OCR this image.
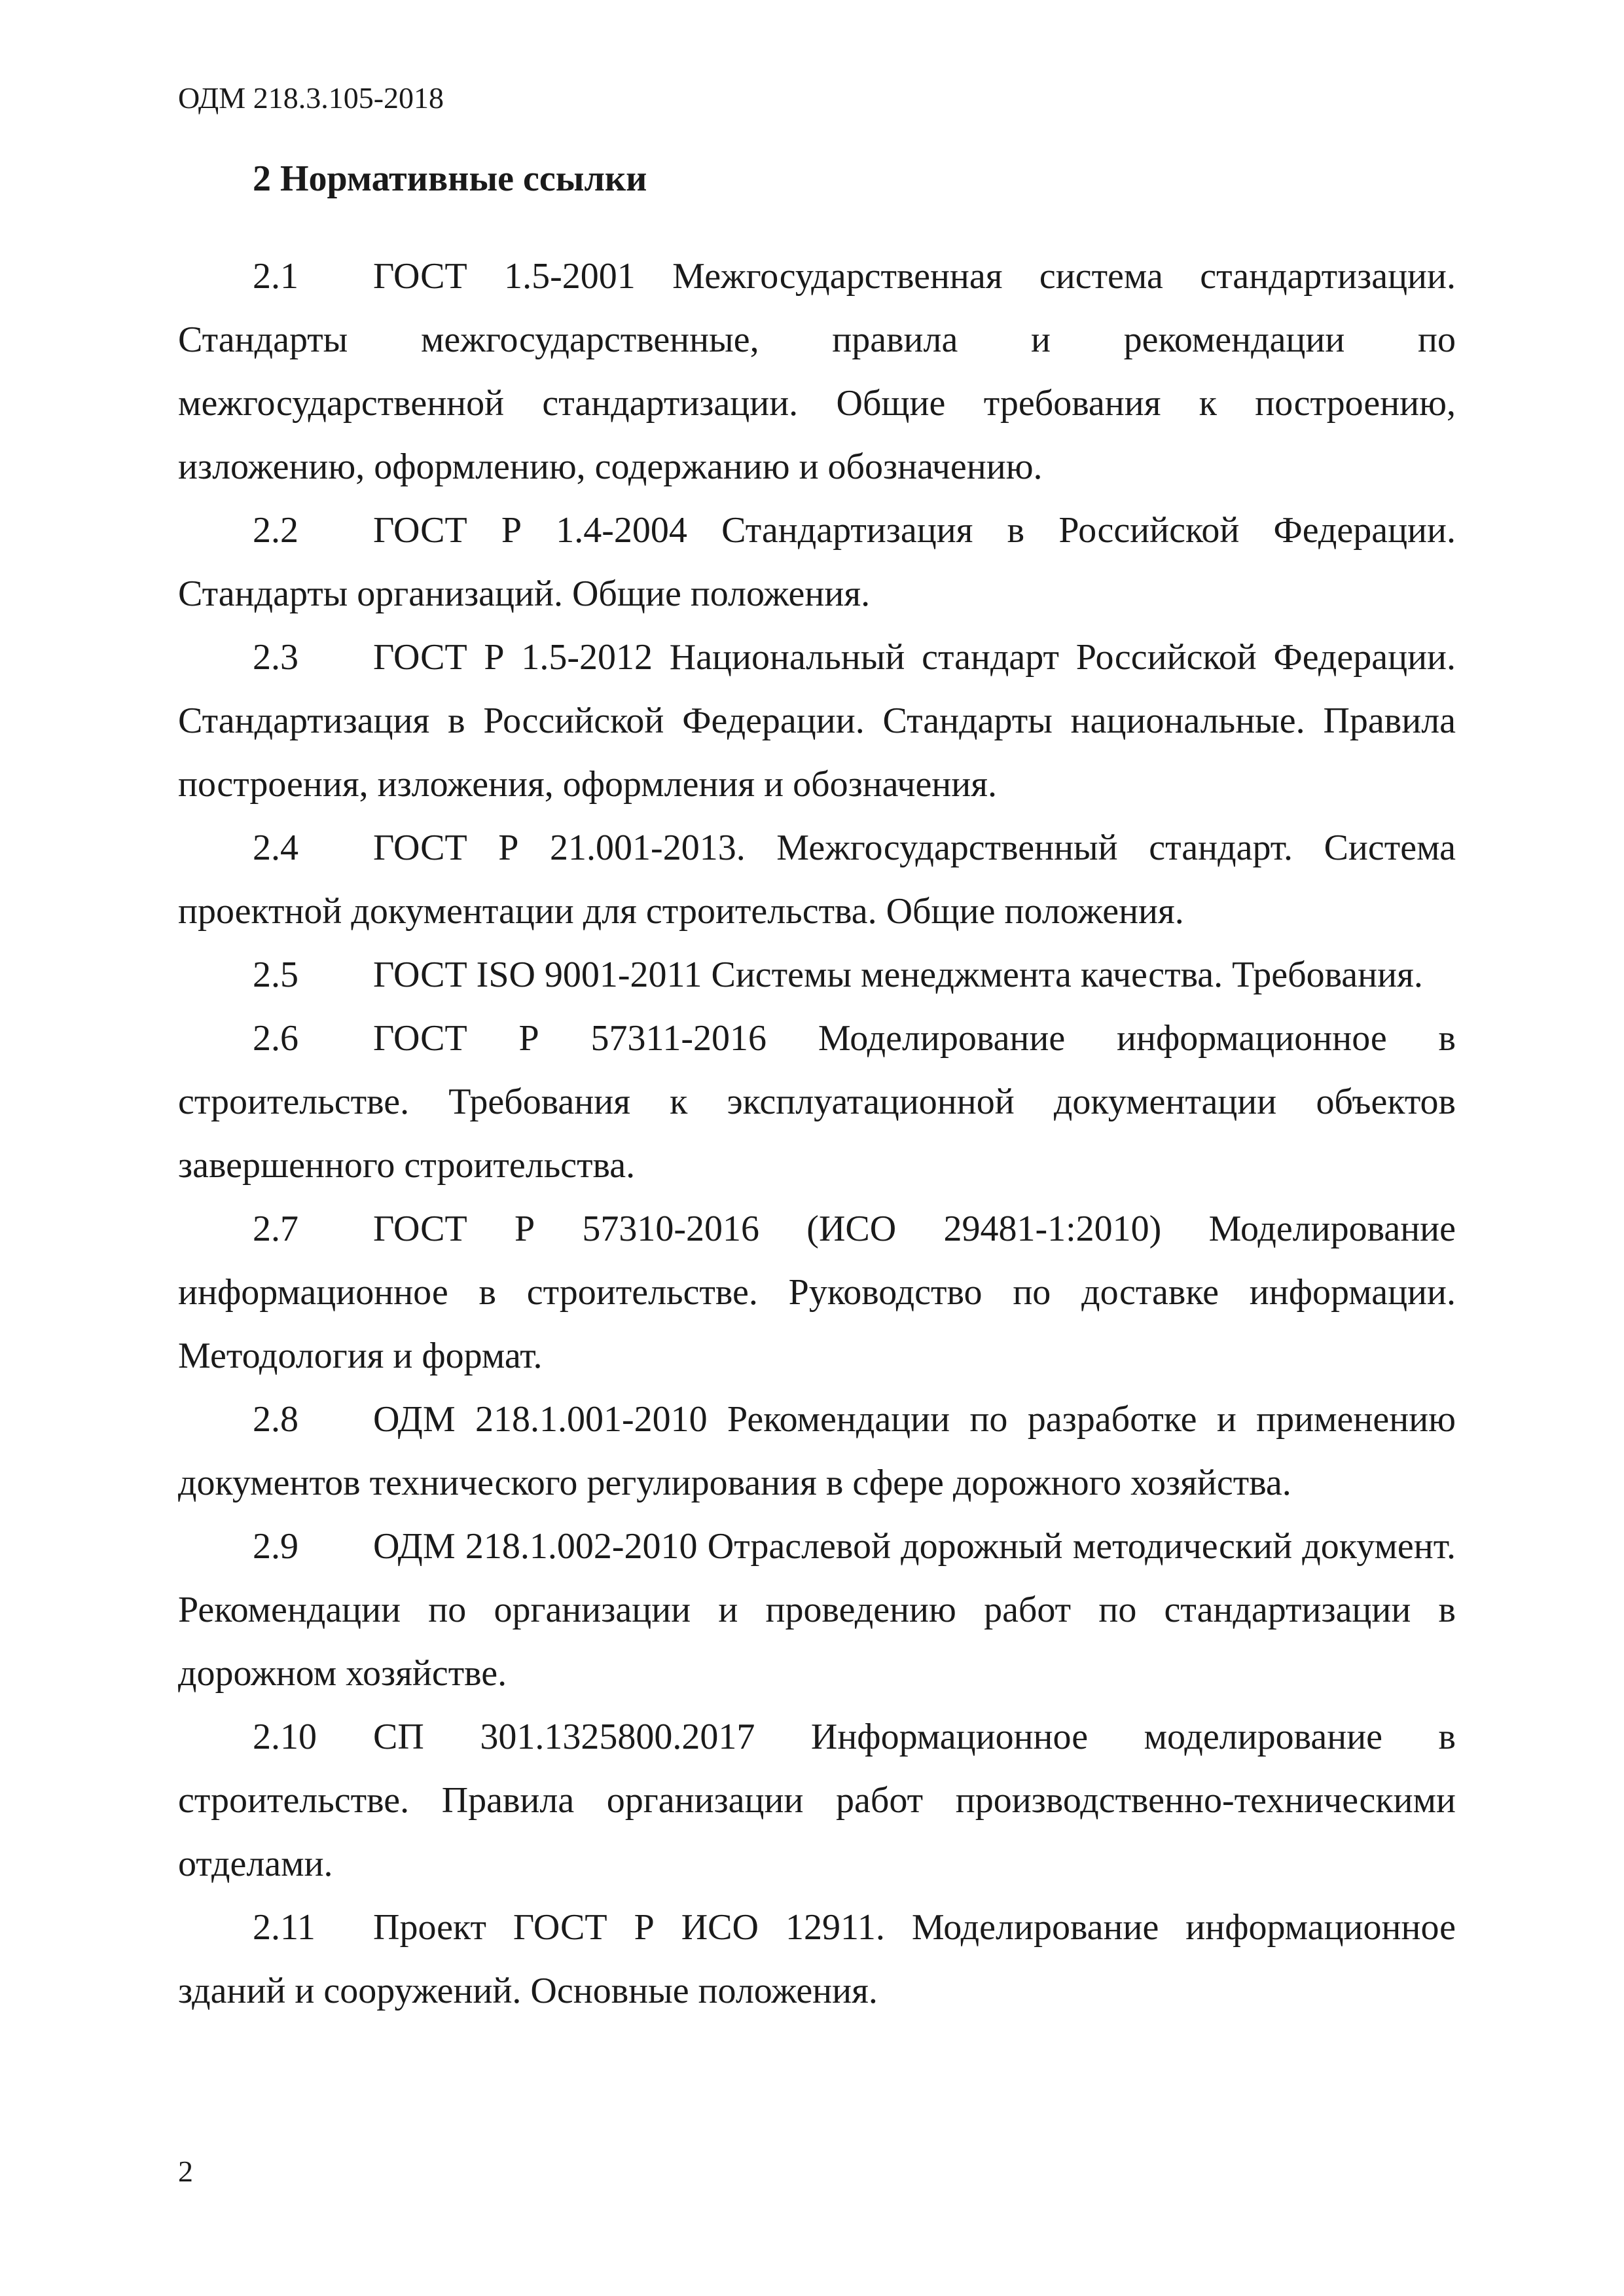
ОДМ 218.3.105-2018
2 Нормативные ссылки

2.1 ГОСТ 1.5-2001 Межгосударственная система стандартизации. Стандарты межгосударственные, правила и рекомендации по межгосударственной стандартизации. Общие требования к построению, изложению, оформлению, содержанию и обозначению.

2.2 ГОСТ Р 1.4-2004 Стандартизация в Российской Федерации. Стандарты организаций. Общие положения.

2.3 ГОСТ Р 1.5-2012 Национальный стандарт Российской Федерации. Стандартизация в Российской Федерации. Стандарты национальные. Правила построения, изложения, оформления и обозначения.

2.4 ГОСТ Р 21.001-2013. Межгосударственный стандарт. Система проектной документации для строительства. Общие положения.

2.5 ГОСТ ISO 9001-2011 Системы менеджмента качества. Требования.

2.6 ГОСТ Р 57311-2016 Моделирование информационное в строительстве. Требования к эксплуатационной документации объектов завершенного строительства.

2.7 ГОСТ Р 57310-2016 (ИСО 29481-1:2010) Моделирование информационное в строительстве. Руководство по доставке информации. Методология и формат.

2.8 ОДМ 218.1.001-2010 Рекомендации по разработке и применению документов технического регулирования в сфере дорожного хозяйства.

2.9 ОДМ 218.1.002-2010 Отраслевой дорожный методический документ. Рекомендации по организации и проведению работ по стандартизации в дорожном хозяйстве.

2.10 СП 301.1325800.2017 Информационное моделирование в строительстве. Правила организации работ производственно-техническими отделами.

2.11 Проект ГОСТ Р ИСО 12911. Моделирование информационное зданий и сооружений. Основные положения.

2
